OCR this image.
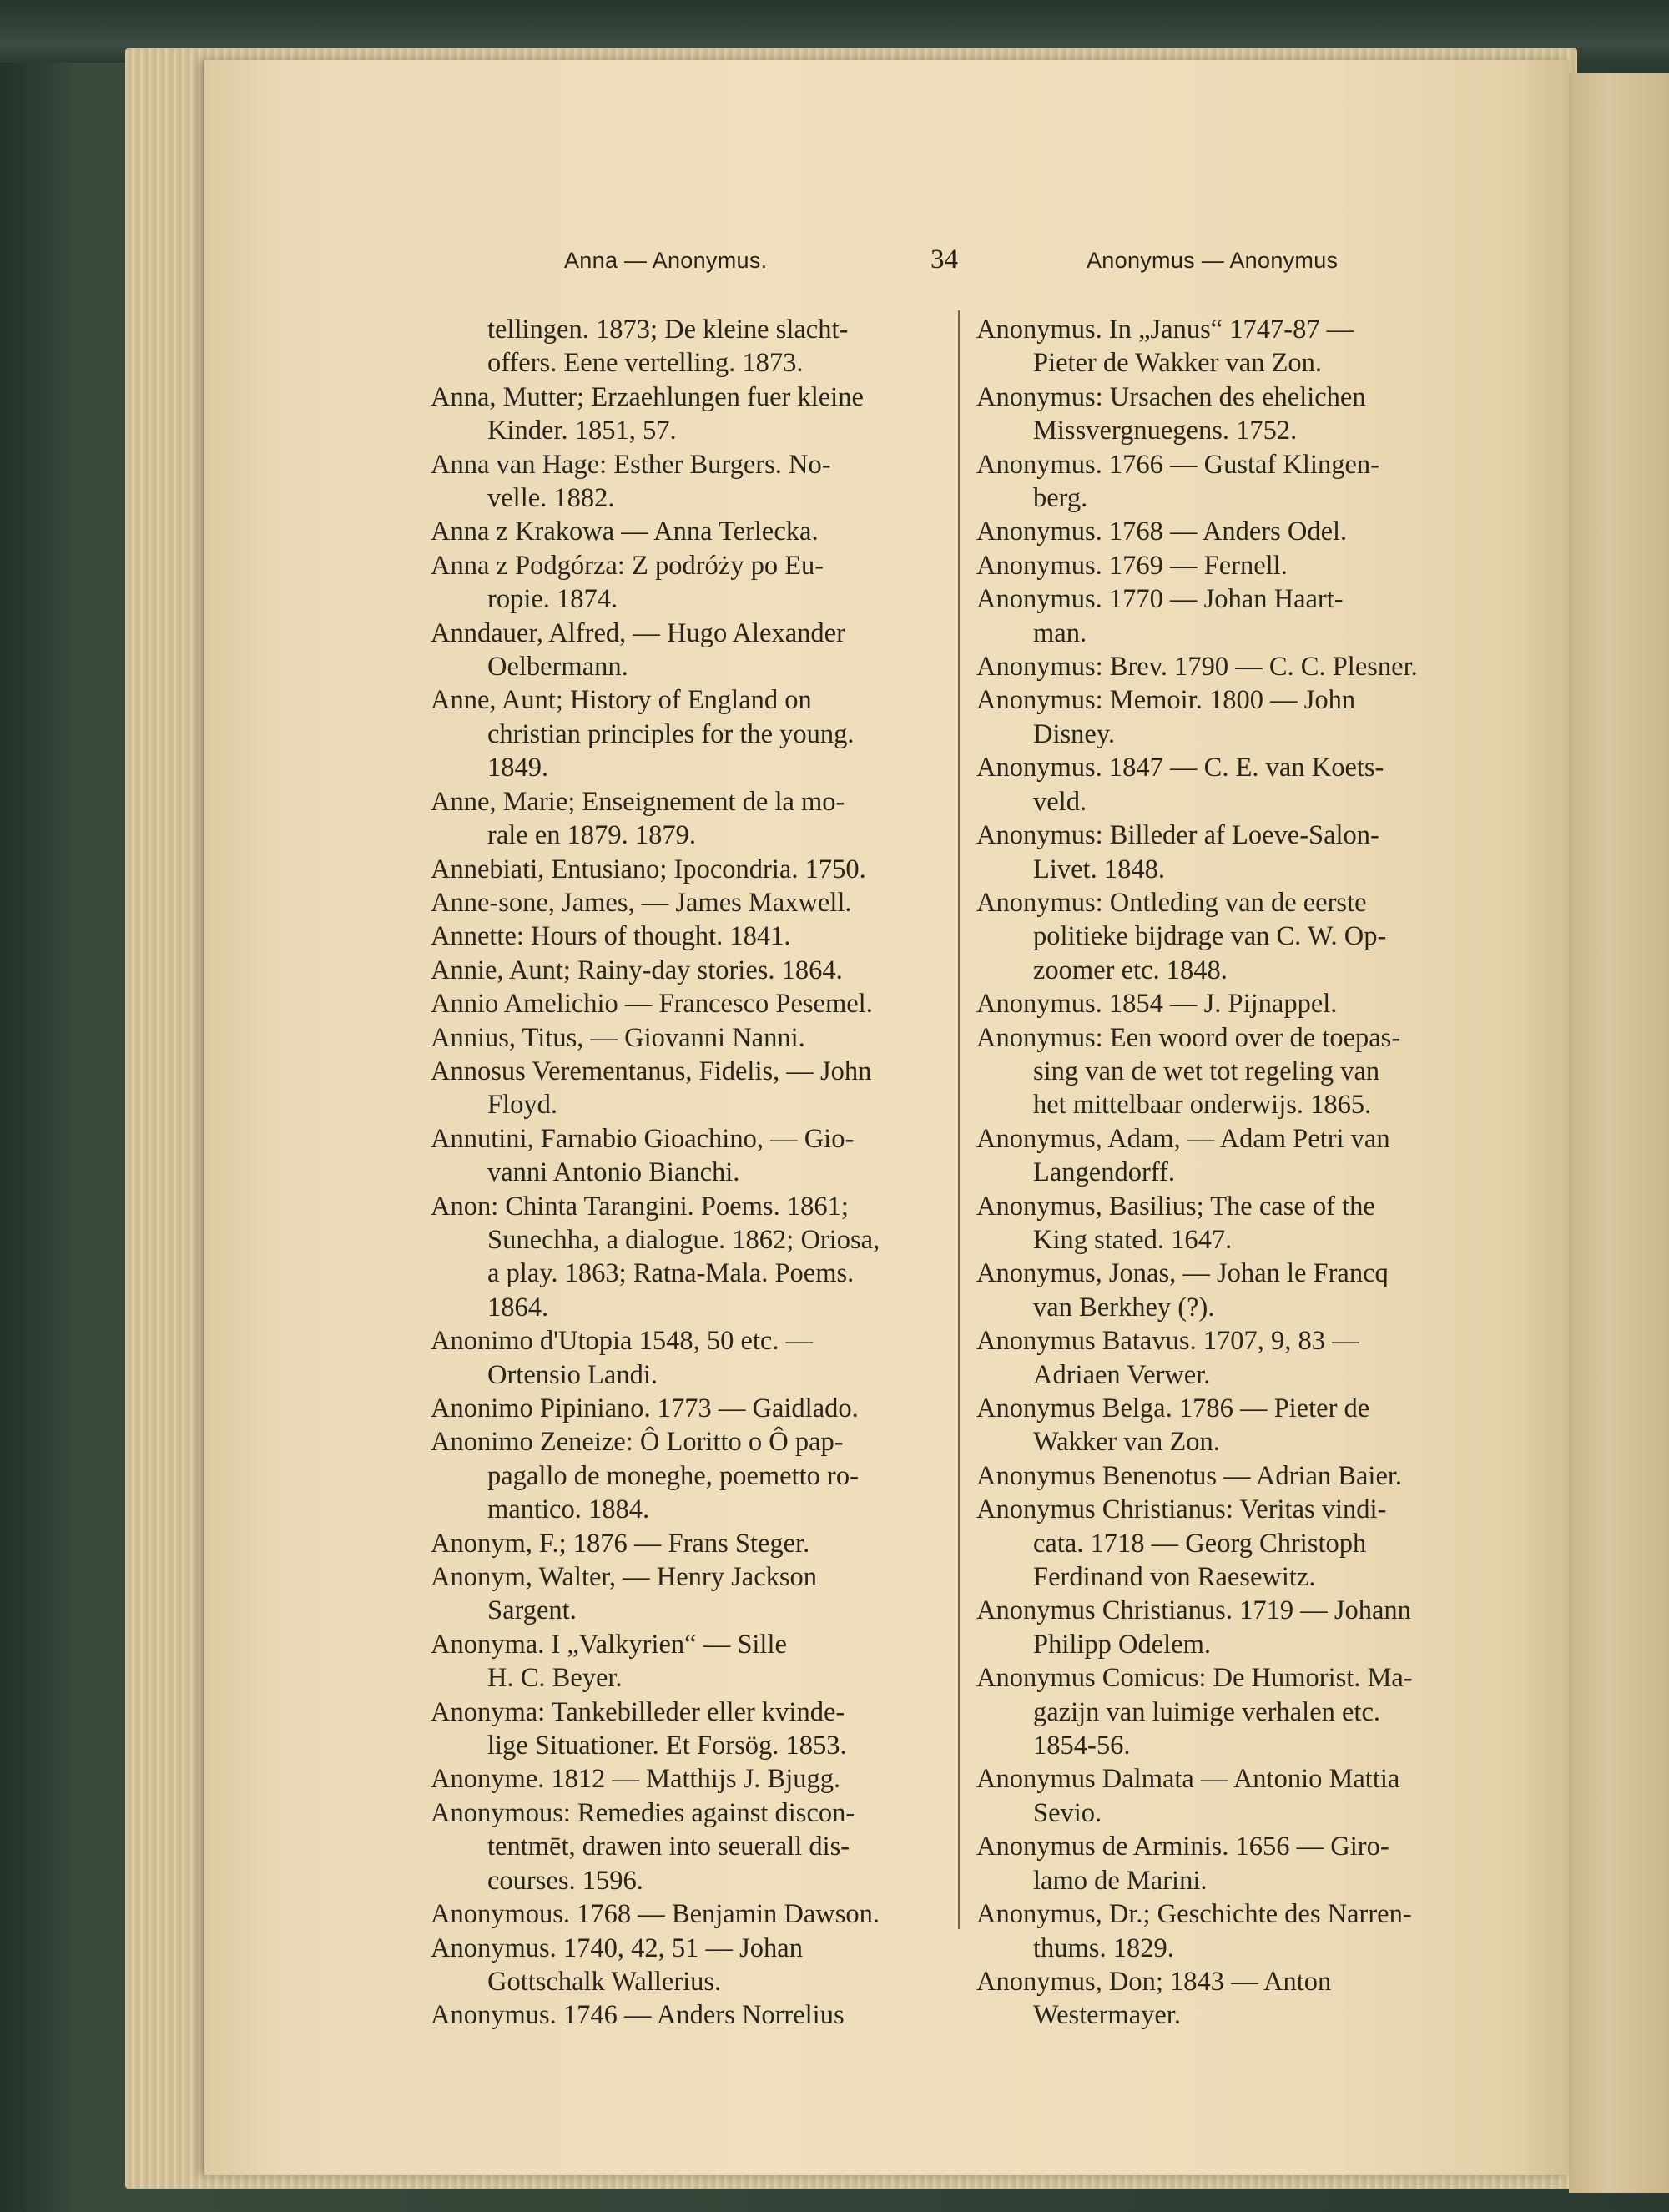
Anna — Anonymus.	34	Anonymus — Anonymus
tellingen. 1873; De kleine slacht-
offers. Eene vertelling. 1873.
Anna, Mutter; Erzaehlungen fuer kleine
Kinder. 1851, 57.
Anna van Hage: Esther Burgers. No-
velle. 1882.
Anna z Krakowa — Anna Terlecka.
Anna z Podgórza: Z podróży po Eu-
ropie. 1874.
Anndauer, Alfred, — Hugo Alexander
Oelbermann.
Anne, Aunt; History of England on
christian principles for the young.
1849.
Anne, Marie; Enseignement de la mo-
rale en 1879. 1879.
Annebiati, Entusiano; Ipocondria. 1750.
Anne-sone, James, — James Maxwell.
Annette: Hours of thought. 1841.
Annie, Aunt; Rainy-day stories. 1864.
Annio Amelichio — Francesco Pesemel.
Annius, Titus, — Giovanni Nanni.
Annosus Verementanus, Fidelis, — John
Floyd.
Annutini, Farnabio Gioachino, — Gio-
vanni Antonio Bianchi.
Anon: Chinta Tarangini. Poems. 1861;
Sunechha, a dialogue. 1862; Oriosa,
a play. 1863; Ratna-Mala. Poems.
1864.
Anonimo d'Utopia 1548, 50 etc. —
Ortensio Landi.
Anonimo Pipiniano. 1773 — Gaidlado.
Anonimo Zeneize: Ô Loritto o Ô pap-
pagallo de moneghe, poemetto ro-
mantico. 1884.
Anonym, F.; 1876 — Frans Steger.
Anonym, Walter, — Henry Jackson
Sargent.
Anonyma. I „Valkyrien“ — Sille
H. C. Beyer.
Anonyma: Tankebilleder eller kvinde-
lige Situationer. Et Forsög. 1853.
Anonyme. 1812 — Matthijs J. Bjugg.
Anonymous: Remedies against discon-
tentmēt, drawen into seuerall dis-
courses. 1596.
Anonymous. 1768 — Benjamin Dawson.
Anonymus. 1740, 42, 51 — Johan
Gottschalk Wallerius.
Anonymus. 1746 — Anders Norrelius
Anonymus. In „Janus“ 1747-87 —
Pieter de Wakker van Zon.
Anonymus: Ursachen des ehelichen
Missvergnuegens. 1752.
Anonymus. 1766 — Gustaf Klingen-
berg.
Anonymus. 1768 — Anders Odel.
Anonymus. 1769 — Fernell.
Anonymus. 1770 — Johan Haart-
man.
Anonymus: Brev. 1790 — C. C. Plesner.
Anonymus: Memoir. 1800 — John
Disney.
Anonymus. 1847 — C. E. van Koets-
veld.
Anonymus: Billeder af Loeve-Salon-
Livet. 1848.
Anonymus: Ontleding van de eerste
politieke bijdrage van C. W. Op-
zoomer etc. 1848.
Anonymus. 1854 — J. Pijnappel.
Anonymus: Een woord over de toepas-
sing van de wet tot regeling van
het mittelbaar onderwijs. 1865.
Anonymus, Adam, — Adam Petri van
Langendorff.
Anonymus, Basilius; The case of the
King stated. 1647.
Anonymus, Jonas, — Johan le Francq
van Berkhey (?).
Anonymus Batavus. 1707, 9, 83 —
Adriaen Verwer.
Anonymus Belga. 1786 — Pieter de
Wakker van Zon.
Anonymus Benenotus — Adrian Baier.
Anonymus Christianus: Veritas vindi-
cata. 1718 — Georg Christoph
Ferdinand von Raesewitz.
Anonymus Christianus. 1719 — Johann
Philipp Odelem.
Anonymus Comicus: De Humorist. Ma-
gazijn van luimige verhalen etc.
1854-56.
Anonymus Dalmata — Antonio Mattia
Sevio.
Anonymus de Arminis. 1656 — Giro-
lamo de Marini.
Anonymus, Dr.; Geschichte des Narren-
thums. 1829.
Anonymus, Don; 1843 — Anton
Westermayer.
